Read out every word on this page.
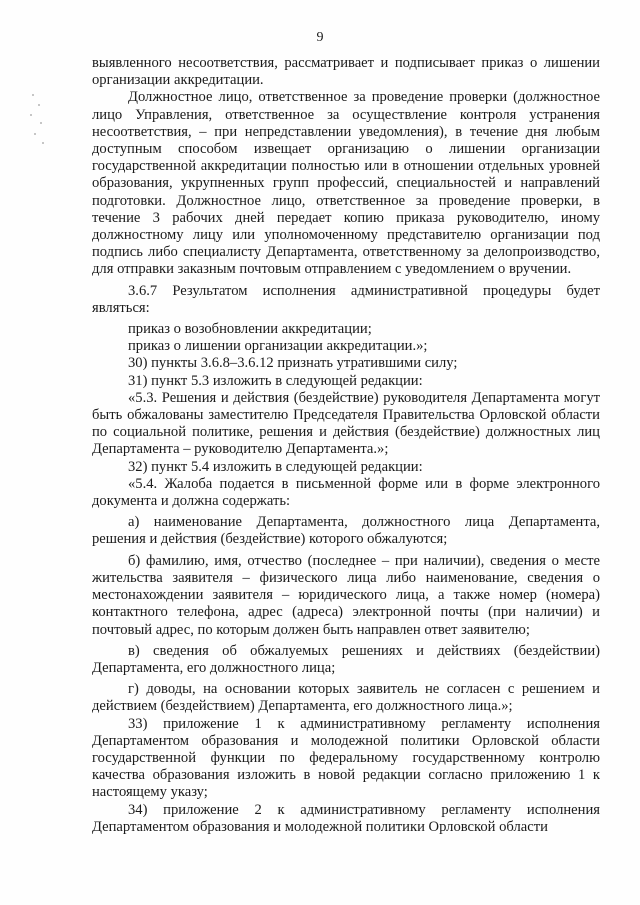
9

выявленного несоответствия, рассматривает и подписывает приказ о лишении организации аккредитации.

Должностное лицо, ответственное за проведение проверки (должностное лицо Управления, ответственное за осуществление контроля устранения несоответствия, – при непредставлении уведомления), в течение дня любым доступным способом извещает организацию о лишении организации государственной аккредитации полностью или в отношении отдельных уровней образования, укрупненных групп профессий, специальностей и направлений подготовки. Должностное лицо, ответственное за проведение проверки, в течение 3 рабочих дней передает копию приказа руководителю, иному должностному лицу или уполномоченному представителю организации под подпись либо специалисту Департамента, ответственному за делопроизводство, для отправки заказным почтовым отправлением с уведомлением о вручении.

3.6.7 Результатом исполнения административной процедуры будет являться:

приказ о возобновлении аккредитации;

приказ о лишении организации аккредитации.»;

30) пункты 3.6.8–3.6.12 признать утратившими силу;

31) пункт 5.3 изложить в следующей редакции:

«5.3. Решения и действия (бездействие) руководителя Департамента могут быть обжалованы заместителю Председателя Правительства Орловской области по социальной политике, решения и действия (бездействие) должностных лиц Департамента – руководителю Департамента.»;

32) пункт 5.4 изложить в следующей редакции:

«5.4. Жалоба подается в письменной форме или в форме электронного документа и должна содержать:

а) наименование Департамента, должностного лица Департамента, решения и действия (бездействие) которого обжалуются;

б) фамилию, имя, отчество (последнее – при наличии), сведения о месте жительства заявителя – физического лица либо наименование, сведения о местонахождении заявителя – юридического лица, а также номер (номера) контактного телефона, адрес (адреса) электронной почты (при наличии) и почтовый адрес, по которым должен быть направлен ответ заявителю;

в) сведения об обжалуемых решениях и действиях (бездействии) Департамента, его должностного лица;

г) доводы, на основании которых заявитель не согласен с решением и действием (бездействием) Департамента, его должностного лица.»;

33) приложение 1 к административному регламенту исполнения Департаментом образования и молодежной политики Орловской области государственной функции по федеральному государственному контролю качества образования изложить в новой редакции согласно приложению 1 к настоящему указу;

34) приложение 2 к административному регламенту исполнения Департаментом образования и молодежной политики Орловской области
